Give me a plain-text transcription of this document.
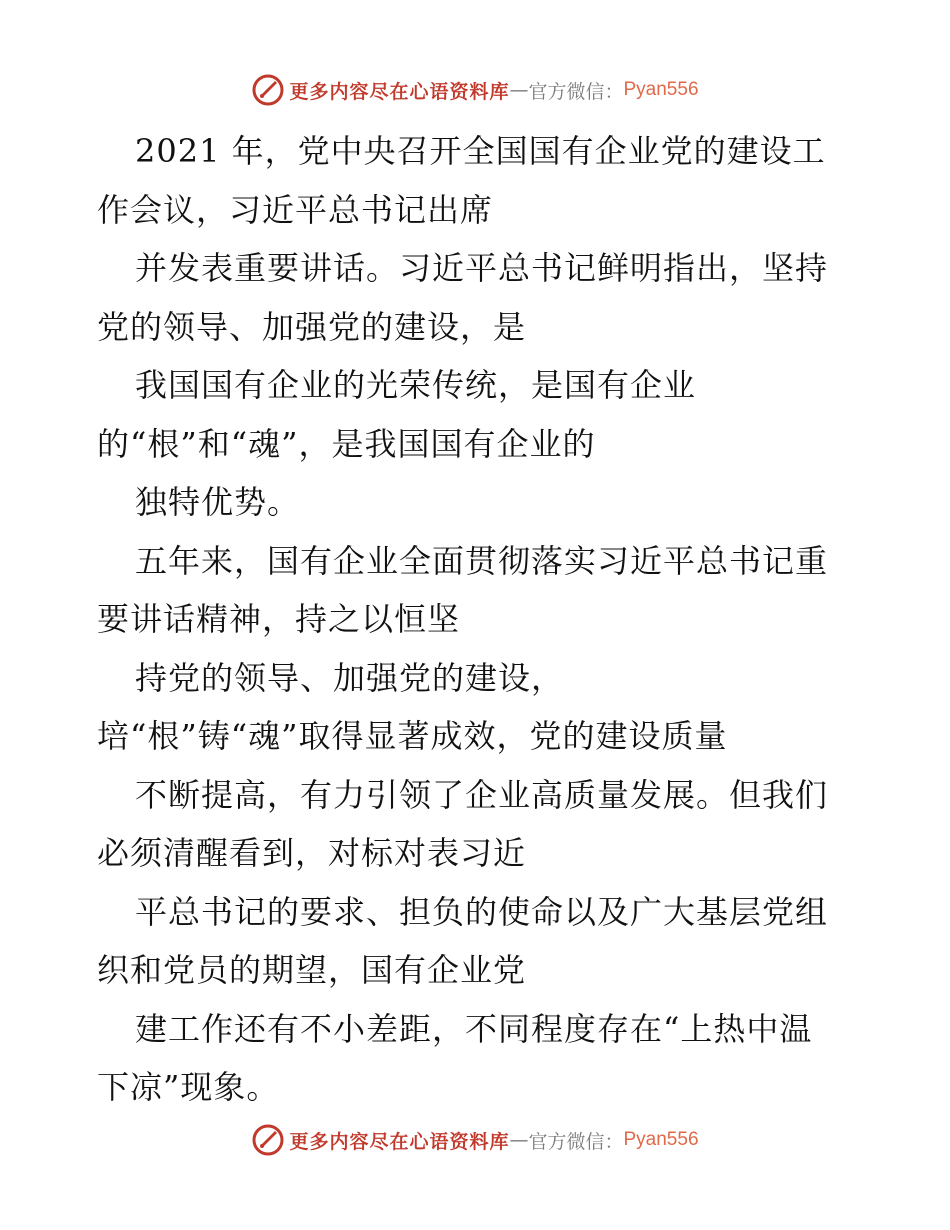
更多内容尽在心语资料库 — 官方微信： Pyan556
2021 年，党中央召开全国国有企业党的建设工
作会议，习近平总书记出席
并发表重要讲话。习近平总书记鲜明指出，坚持
党的领导、加强党的建设，是
我国国有企业的光荣传统，是国有企业
的“根”和“魂”，是我国国有企业的
独特优势。
五年来，国有企业全面贯彻落实习近平总书记重
要讲话精神，持之以恒坚
持党的领导、加强党的建设，
培“根”铸“魂”取得显著成效，党的建设质量
不断提高，有力引领了企业高质量发展。但我们
必须清醒看到，对标对表习近
平总书记的要求、担负的使命以及广大基层党组
织和党员的期望，国有企业党
建工作还有不小差距，不同程度存在“上热中温
下凉”现象。
更多内容尽在心语资料库 — 官方微信： Pyan556
